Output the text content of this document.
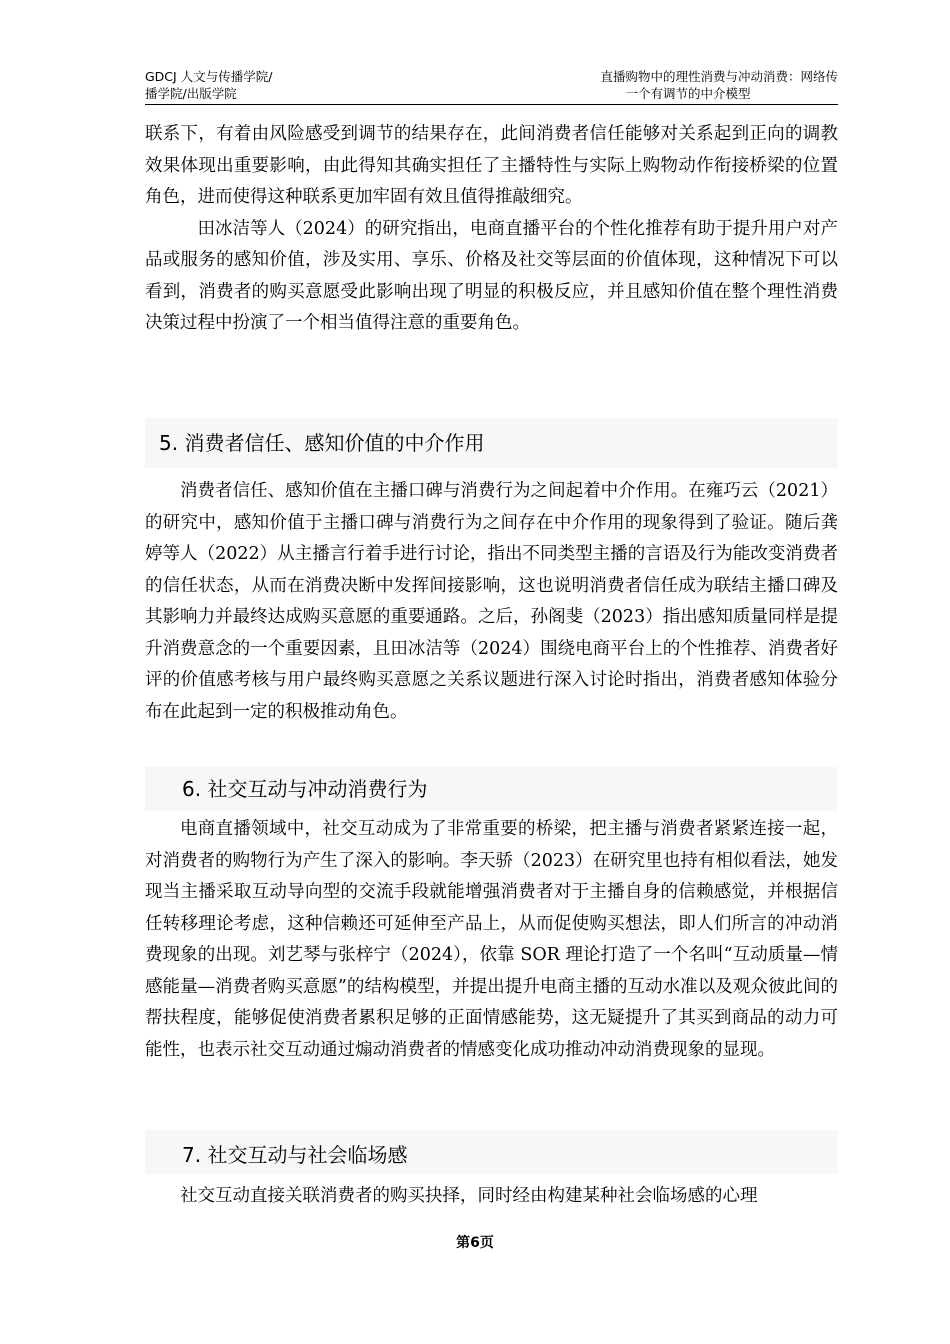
GDCJ 人文与传播学院/
播学院/出版学院
直播购物中的理性消费与冲动消费：网络传
一个有调节的中介模型

联系下，有着由风险感受到调节的结果存在，此间消费者信任能够对关系起到正向的调教效果体现出重要影响，由此得知其确实担任了主播特性与实际上购物动作衔接桥梁的位置角色，进而使得这种联系更加牢固有效且值得推敲细究。

田冰洁等人（2024）的研究指出，电商直播平台的个性化推荐有助于提升用户对产品或服务的感知价值，涉及实用、享乐、价格及社交等层面的价值体现，这种情况下可以看到，消费者的购买意愿受此影响出现了明显的积极反应，并且感知价值在整个理性消费决策过程中扮演了一个相当值得注意的重要角色。

5. 消费者信任、感知价值的中介作用

消费者信任、感知价值在主播口碑与消费行为之间起着中介作用。在雍巧云（2021）的研究中，感知价值于主播口碑与消费行为之间存在中介作用的现象得到了验证。随后龚婷等人（2022）从主播言行着手进行讨论，指出不同类型主播的言语及行为能改变消费者的信任状态，从而在消费决断中发挥间接影响，这也说明消费者信任成为联结主播口碑及其影响力并最终达成购买意愿的重要通路。之后，孙阁斐（2023）指出感知质量同样是提升消费意念的一个重要因素，且田冰洁等（2024）围绕电商平台上的个性推荐、消费者好评的价值感考核与用户最终购买意愿之关系议题进行深入讨论时指出，消费者感知体验分布在此起到一定的积极推动角色。

6. 社交互动与冲动消费行为

电商直播领域中，社交互动成为了非常重要的桥梁，把主播与消费者紧紧连接一起，对消费者的购物行为产生了深入的影响。李天骄（2023）在研究里也持有相似看法，她发现当主播采取互动导向型的交流手段就能增强消费者对于主播自身的信赖感觉，并根据信任转移理论考虑，这种信赖还可延伸至产品上，从而促使购买想法，即人们所言的冲动消费现象的出现。刘艺琴与张梓宁（2024），依靠 SOR 理论打造了一个名叫“互动质量—情感能量—消费者购买意愿”的结构模型，并提出提升电商主播的互动水准以及观众彼此间的帮扶程度，能够促使消费者累积足够的正面情感能势，这无疑提升了其买到商品的动力可能性，也表示社交互动通过煽动消费者的情感变化成功推动冲动消费现象的显现。

7. 社交互动与社会临场感

社交互动直接关联消费者的购买抉择，同时经由构建某种社会临场感的心理

第6页
